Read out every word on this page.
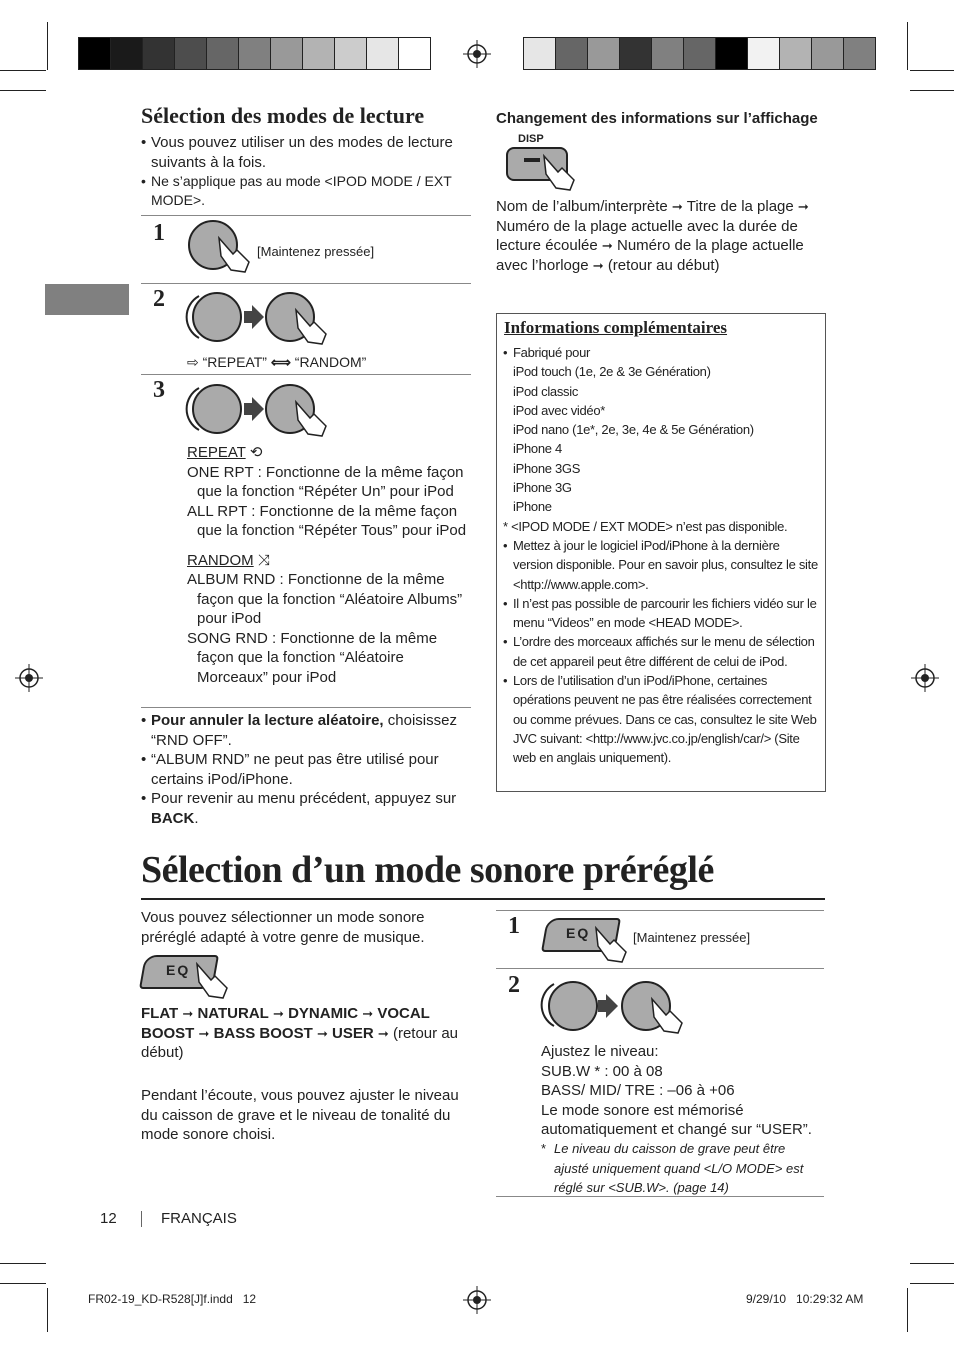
Sélection des modes de lecture
• Vous pouvez utiliser un des modes de lecture suivants à la fois.
• Ne s’applique pas au mode <IPOD MODE / EXT MODE>.
1
[Maintenez pressée]
2
⇨ “REPEAT” ⟺ “RANDOM”
3
REPEAT ⟲
ONE RPT : Fonctionne de la même façon que la fonction “Répéter Un” pour iPod
ALL RPT : Fonctionne de la même façon que la fonction “Répéter Tous” pour iPod
RANDOM ⤨
ALBUM RND : Fonctionne de la même façon que la fonction “Aléatoire Albums” pour iPod
SONG RND : Fonctionne de la même façon que la fonction “Aléatoire Morceaux” pour iPod
• Pour annuler la lecture aléatoire, choisissez “RND OFF”.
• “ALBUM RND” ne peut pas être utilisé pour certains iPod/iPhone.
• Pour revenir au menu précédent, appuyez sur BACK.
Changement des informations sur l’affichage
DISP
Nom de l’album/interprète ➞ Titre de la plage ➞ Numéro de la plage actuelle avec la durée de lecture écoulée ➞ Numéro de la plage actuelle avec l’horloge ➞ (retour au début)
Informations complémentaires
• Fabriqué pour
iPod touch (1e, 2e & 3e Génération)
iPod classic
iPod avec vidéo*
iPod nano (1e*, 2e, 3e, 4e & 5e Génération)
iPhone 4
iPhone 3GS
iPhone 3G
iPhone
* <IPOD MODE / EXT MODE> n’est pas disponible.
• Mettez à jour le logiciel iPod/iPhone à la dernière version disponible. Pour en savoir plus, consultez le site <http://www.apple.com>.
• Il n’est pas possible de parcourir les fichiers vidéo sur le menu “Videos” en mode <HEAD MODE>.
• L’ordre des morceaux affichés sur le menu de sélection de cet appareil peut être différent de celui de iPod.
• Lors de l’utilisation d’un iPod/iPhone, certaines opérations peuvent ne pas être réalisées correctement ou comme prévues. Dans ce cas, consultez le site Web JVC suivant: <http://www.jvc.co.jp/english/car/> (Site web en anglais uniquement).
Sélection d’un mode sonore préréglé
Vous pouvez sélectionner un mode sonore préréglé adapté à votre genre de musique.
EQ
FLAT ➞ NATURAL ➞ DYNAMIC ➞ VOCAL BOOST ➞ BASS BOOST ➞ USER ➞ (retour au début)
Pendant l’écoute, vous pouvez ajuster le niveau du caisson de grave et le niveau de tonalité du mode sonore choisi.
1	EQ	[Maintenez pressée]
2
Ajustez le niveau:
SUB.W * : 00 à 08
BASS/ MID/ TRE : –06 à +06
Le mode sonore est mémorisé automatiquement et changé sur “USER”.
* Le niveau du caisson de grave peut être ajusté uniquement quand <L/O MODE> est réglé sur <SUB.W>. (page 14)
12	FRANÇAIS
FR02-19_KD-R528[J]f.indd   12	9/29/10   10:29:32 AM
